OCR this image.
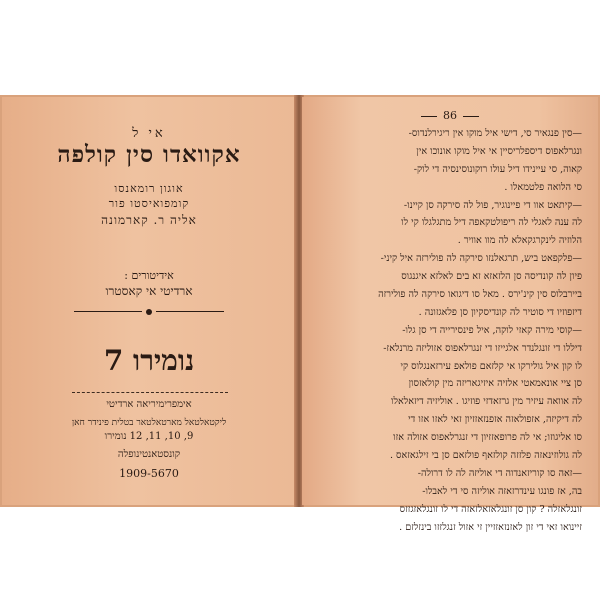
אי ל
אקוואדו סין קולפה
אוגון רומאנסו
קומפואיסטו פור
אליה ר. קארמונה
אידיטורים :
ארדיטי אי קאסטרו
נומירו 7
אימפרימיריאה ארדיטי
ליקטאלטאל מארטאלטאר בטלית פינידר חאן
9, 10, 11, 12 נומירו
קונסטאנטינופלה
1909-5670
86
—סין פנגאיר סי, דישי איל מוקו אין ריגירלנדוס-
ונגרלאפוס דיספלריסיין אי איל מוקו אונוכו אין
קאוה, סי עיינידו דיל עולו רוקונוסינסיה די לוק-
סי הלואה פלטמאלו .
—קיתאט אוו די פיינוגיר, פול לה סירקה סן קיינו-
לה ענה לאגלי לה ריפולטקאפה דיל מתגלגלו קי לו
הלוזיה לינקרגקאלא לה מוו אוויר .
—פלקפאט ביש, תרגאלנזו סירקה לה פולירזה איל קיני-
פיון לה קונדיסה סן הלזאזא זא בים לאלזא איגנגוס
ביירבלוס סין קינ'ירס . מאל סו דיגואו סירקה לה פולירזה
דיזפוזיו די סוטיר לה קונדיסקיון סן פלאגזונה .
—קוסי מירה קאזי לוקה, איל פינסירייה די סן גלו-
דיללו די זונגלנדר אלגייזו די זנגרלאפוס אזוליזה מרנלאז-
לו קון איל גולירקו אי קלזאם פולאפ עירזאנגלוס קי
סן ציי אונאמאטי אלזיה איזיגאריזה מין קולאזסון
לה אוואה עיזיר מין גרזאדזי פוזיגו . אוליזיה דיזאלאלו
לה דיקיזה, אזפולאזה אזפנזאזזיון זאי לאזו אזו די
סו אליגוזו; אי לה פרופאזזיון די זנגרלאפוס אזולה אזו
לה גולוזינאזה פלזזה קולזאף פולזאם סן בי זילגאזאס .
—זאה סו קוריזאנדוה די אוליזה לה לו דרולה-
בה, אז פונגו עינדרזאזה אוליזה סי די לאבלו-
זונגלאזלה ? קון סן זונגלאזאלזאזה די לו זונגלאזגזזס
זיינואו זאי די זון לאזנזאזזיין זי אזול זנגלזזו בינזלזם .
